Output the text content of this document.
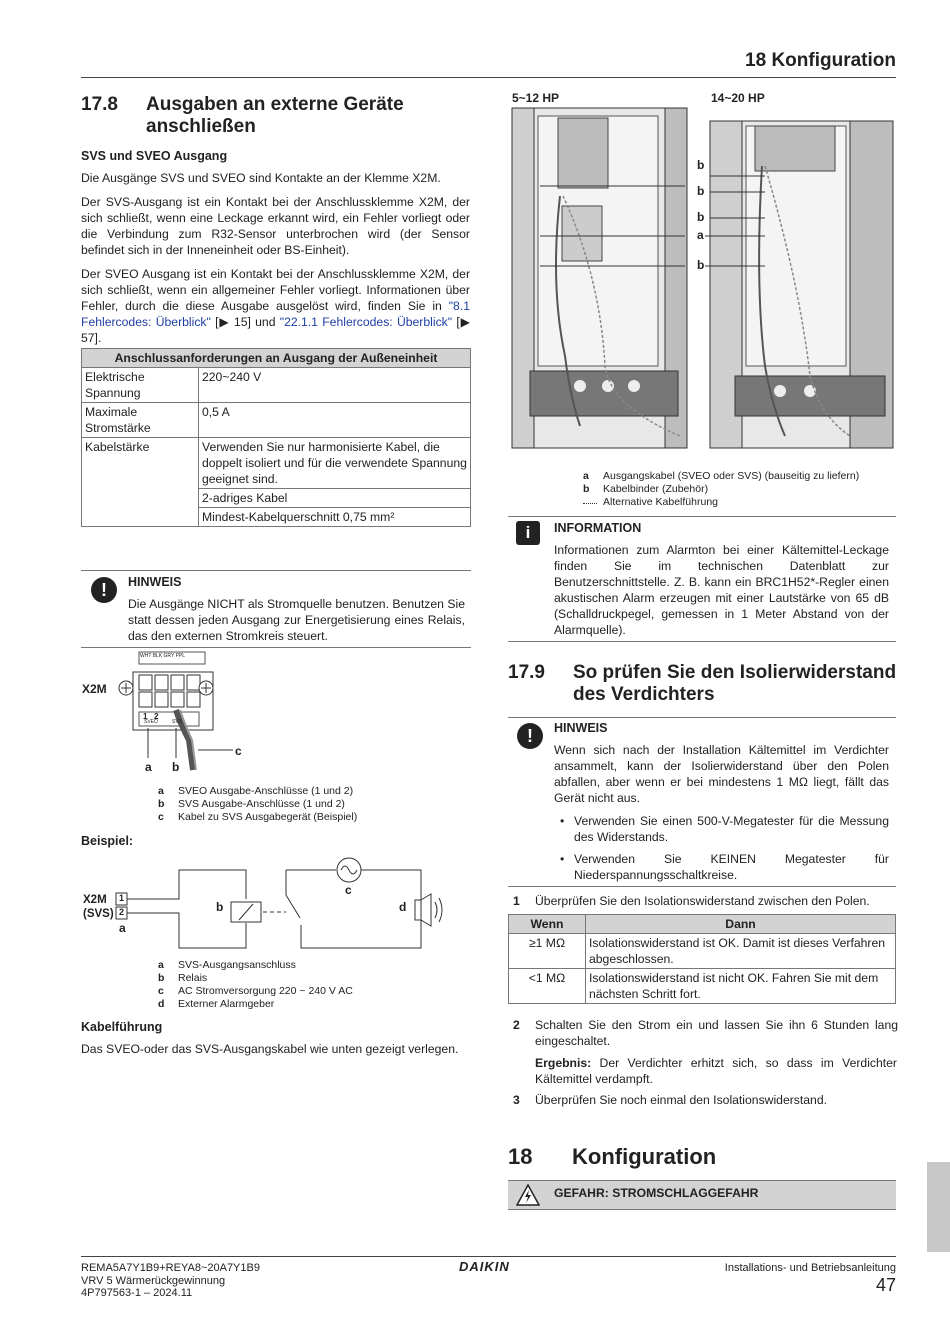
18 Konfiguration
17.8 Ausgaben an externe Geräte anschließen
SVS und SVEO Ausgang

Die Ausgänge SVS und SVEO sind Kontakte an der Klemme X2M.

Der SVS-Ausgang ist ein Kontakt bei der Anschlussklemme X2M, der sich schließt, wenn eine Leckage erkannt wird, ein Fehler vorliegt oder die Verbindung zum R32-Sensor unterbrochen wird (der Sensor befindet sich in der Inneneinheit oder BS-Einheit).

Der SVEO Ausgang ist ein Kontakt bei der Anschlussklemme X2M, der sich schließt, wenn ein allgemeiner Fehler vorliegt. Informationen über Fehler, durch die diese Ausgabe ausgelöst wird, finden Sie in "8.1 Fehlercodes: Überblick" [▶ 15] und "22.1.1 Fehlercodes: Überblick" [▶ 57].

Anschlussanforderungen an Ausgang der Außeneinheit	
Elektrische Spannung	220~240 V
Maximale Stromstärke	0,5 A
Kabelstärke	Verwenden Sie nur harmonisierte Kabel, die doppelt isoliert und für die verwendete Spannung geeignet sind.
	2-adriges Kabel
	Mindest-Kabelquerschnitt 0,75 mm²
!	HINWEIS

Die Ausgänge NICHT als Stromquelle benutzen. Benutzen Sie statt dessen jeden Ausgang zur Energetisierung eines Relais, das den externen Stromkreis steuert.

X2M
WHT BLK GRY PPL
1 2
SVEO	SVS
a b
c
a SVEO Ausgabe-Anschlüsse (1 und 2)
b SVS Ausgabe-Anschlüsse (1 und 2)
c Kabel zu SVS Ausgabegerät (Beispiel)
Beispiel:
X2M
(SVS)
1
2
a
b
c
d
a SVS-Ausgangsanschluss
b Relais
c AC Stromversorgung 220 ~ 240 V AC
d Externer Alarmgeber
Kabelführung

Das SVEO-oder das SVS-Ausgangskabel wie unten gezeigt verlegen.

5~12 HP	14~20 HP
b
b
b
a
b
a Ausgangskabel (SVEO oder SVS) (bauseitig zu liefern)
b Kabelbinder (Zubehör)
Alternative Kabelführung
i	INFORMATION

Informationen zum Alarmton bei einer Kältemittel-Leckage finden Sie im technischen Datenblatt zur Benutzerschnittstelle. Z. B. kann ein BRC1H52*-Regler einen akustischen Alarm erzeugen mit einer Lautstärke von 65 dB (Schalldruckpegel, gemessen in 1 Meter Abstand von der Alarmquelle).

17.9 So prüfen Sie den Isolierwiderstand des Verdichters
!	HINWEIS

Wenn sich nach der Installation Kältemittel im Verdichter ansammelt, kann der Isolierwiderstand über den Polen abfallen, aber wenn er bei mindestens 1 MΩ liegt, fällt das Gerät nicht aus.

• Verwenden Sie einen 500-V-Megatester für die Messung des Widerstands.
• Verwenden Sie KEINEN Megatester für Niederspannungsschaltkreise.
1 Überprüfen Sie den Isolationswiderstand zwischen den Polen.
Wenn	Dann
≥1 MΩ	Isolationswiderstand ist OK. Damit ist dieses Verfahren abgeschlossen.
<1 MΩ	Isolationswiderstand ist nicht OK. Fahren Sie mit dem nächsten Schritt fort.
2 Schalten Sie den Strom ein und lassen Sie ihn 6 Stunden lang eingeschaltet.
Ergebnis: Der Verdichter erhitzt sich, so dass im Verdichter Kältemittel verdampft.
3 Überprüfen Sie noch einmal den Isolationswiderstand.
18 Konfiguration
GEFAHR: STROMSCHLAGGEFAHR
REMA5A7Y1B9+REYA8~20A7Y1B9
VRV 5 Wärmerückgewinnung
4P797563-1 – 2024.11
DAIKIN	Installations- und Betriebsanleitung
47
